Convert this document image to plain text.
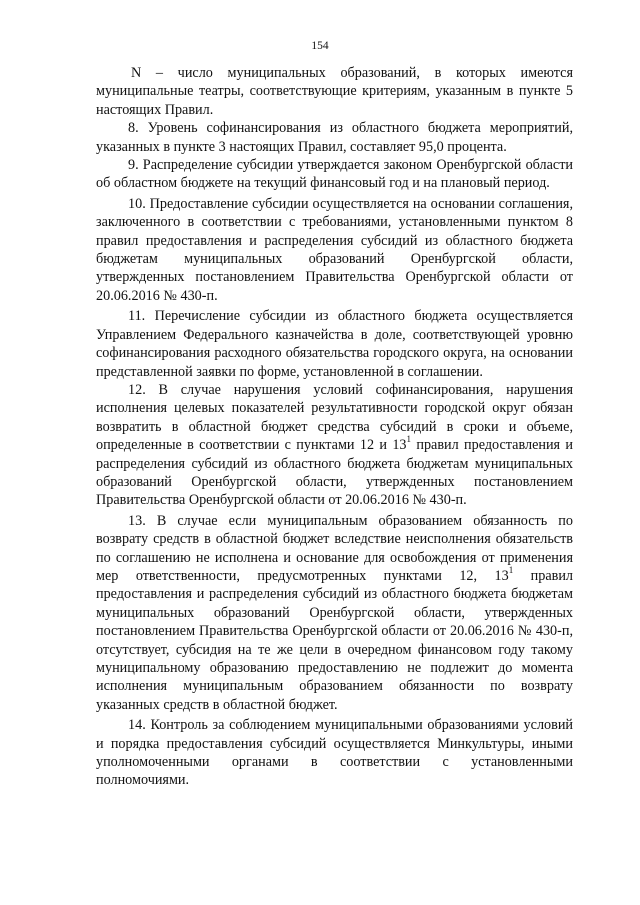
154

N – число муниципальных образований, в которых имеются муниципальные театры, соответствующие критериям, указанным в пункте 5 настоящих Правил.

8. Уровень софинансирования из областного бюджета мероприятий, указанных в пункте 3 настоящих Правил, составляет 95,0 процента.

9. Распределение субсидии утверждается законом Оренбургской области об областном бюджете на текущий финансовый год и на плановый период.

10. Предоставление субсидии осуществляется на основании соглашения, заключенного в соответствии с требованиями, установленными пунктом 8 правил предоставления и распределения субсидий из областного бюджета бюджетам муниципальных образований Оренбургской области, утвержденных постановлением Правительства Оренбургской области от 20.06.2016 № 430-п.

11. Перечисление субсидии из областного бюджета осуществляется Управлением Федерального казначейства в доле, соответствующей уровню софинансирования расходного обязательства городского округа, на основании представленной заявки по форме, установленной в соглашении.

12. В случае нарушения условий софинансирования, нарушения исполнения целевых показателей результативности городской округ обязан возвратить в областной бюджет средства субсидий в сроки и объеме, определенные в соответствии с пунктами 12 и $13^1$ правил предоставления и распределения субсидий из областного бюджета бюджетам муниципальных образований Оренбургской области, утвержденных постановлением Правительства Оренбургской области от 20.06.2016 № 430-п.

13. В случае если муниципальным образованием обязанность по возврату средств в областной бюджет вследствие неисполнения обязательств по соглашению не исполнена и основание для освобождения от применения мер ответственности, предусмотренных пунктами 12, $13^1$ правил предоставления и распределения субсидий из областного бюджета бюджетам муниципальных образований Оренбургской области, утвержденных постановлением Правительства Оренбургской области от 20.06.2016 № 430-п, отсутствует, субсидия на те же цели в очередном финансовом году такому муниципальному образованию предоставлению не подлежит до момента исполнения муниципальным образованием обязанности по возврату указанных средств в областной бюджет.

14. Контроль за соблюдением муниципальными образованиями условий и порядка предоставления субсидий осуществляется Минкультуры, иными уполномоченными органами в соответствии с установленными полномочиями.
